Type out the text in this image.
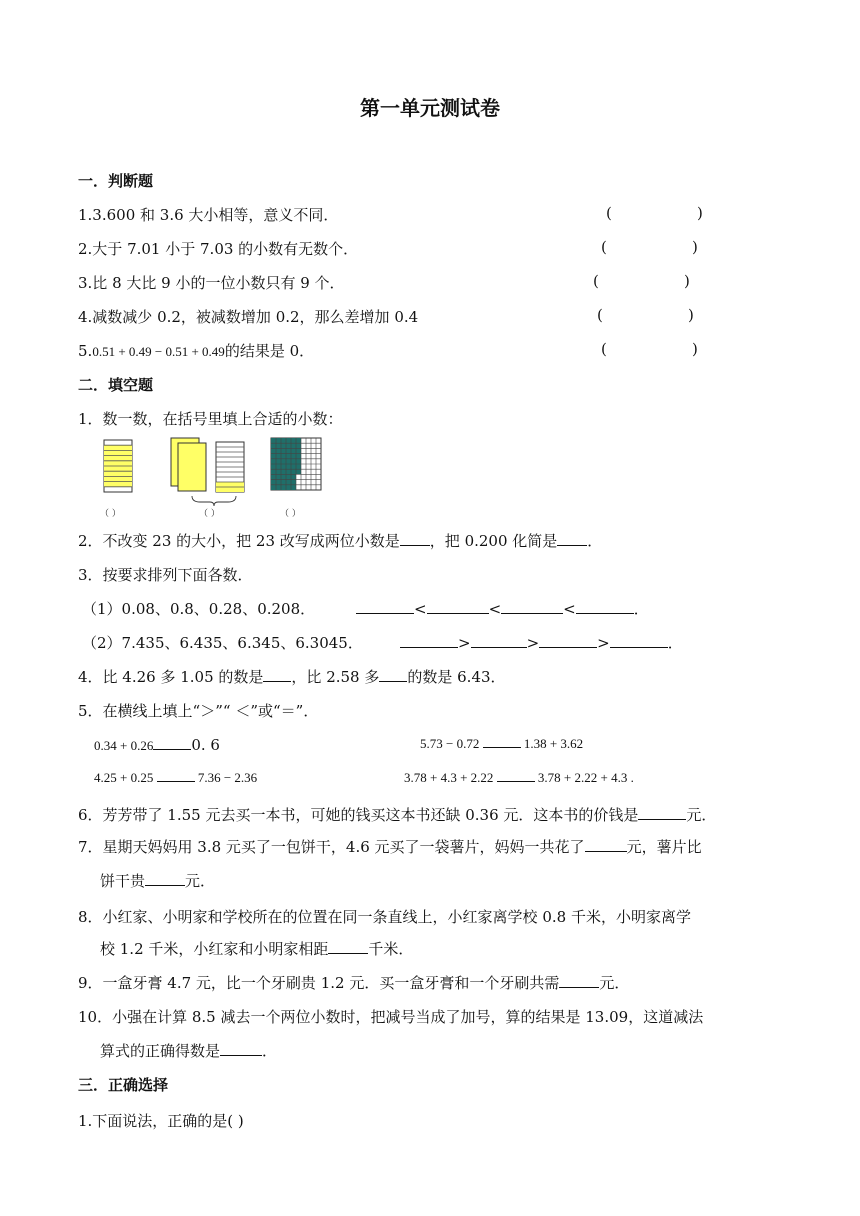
第一单元测试卷
一．判断题
1.3.600 和 3.6 大小相等，意义不同．	(	)
2.大于 7.01 小于 7.03 的小数有无数个．	(	)
3.比 8 大比 9 小的一位小数只有 9 个．	(	)
4.减数减少 0.2，被减数增加 0.2，那么差增加 0.4	(	)
5.0.51 + 0.49 − 0.51 + 0.49的结果是 0．	(	)
二．填空题
1．数一数，在括号里填上合适的小数：
（ ）	（ ）	（ ）
2．不改变 23 的大小，把 23 改写成两位小数是 ，把 0.200 化简是 ．
3．按要求排列下面各数．
（1）0.08、0.8、0.28、0.208．	<	<	<	．
（2）7.435、6.435、6.345、6.3045．	>	>	>	．
4．比 4.26 多 1.05 的数是 ，比 2.58 多 的数是 6.43．
5．在横线上填上“＞”“ ＜”或“＝”．
0.34 + 0.26	0. 6	5.73 − 0.72	1.38 + 3.62
4.25 + 0.25	7.36 − 2.36	3.78 + 4.3 + 2.22	3.78 + 2.22 + 4.3 .
6．芳芳带了 1.55 元去买一本书，可她的钱买这本书还缺 0.36 元．这本书的价钱是	元．
7．星期天妈妈用 3.8 元买了一包饼干，4.6 元买了一袋薯片，妈妈一共花了	元，薯片比
饼干贵	元．
8．小红家、小明家和学校所在的位置在同一条直线上，小红家离学校 0.8 千米，小明家离学
校 1.2 千米，小红家和小明家相距	千米．
9．一盒牙膏 4.7 元，比一个牙刷贵 1.2 元．买一盒牙膏和一个牙刷共需	元．
10．小强在计算 8.5 减去一个两位小数时，把减号当成了加号，算的结果是 13.09，这道减法
算式的正确得数是	．
三．正确选择
1.下面说法，正确的是( )
